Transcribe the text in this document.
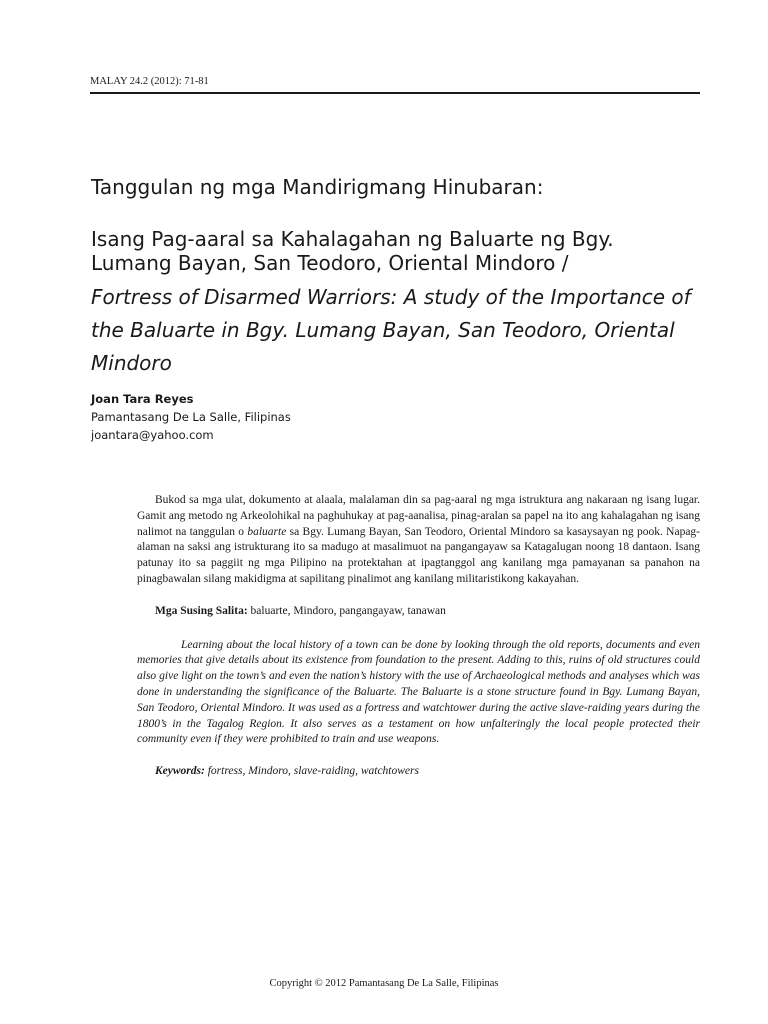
MALAY 24.2 (2012): 71-81
Tanggulan ng mga Mandirigmang Hinubaran:
Isang Pag-aaral sa Kahalagahan ng Baluarte ng Bgy. Lumang Bayan, San Teodoro, Oriental Mindoro /
Fortress of Disarmed Warriors: A study of the Importance of the Baluarte in Bgy. Lumang Bayan, San Teodoro, Oriental Mindoro
Joan Tara Reyes
Pamantasang De La Salle, Filipinas
joantara@yahoo.com

Bukod sa mga ulat, dokumento at alaala, malalaman din sa pag-aaral ng mga istruktura ang nakaraan ng isang lugar. Gamit ang metodo ng Arkeolohikal na paghuhukay at pag-aanalisa, pinag-aralan sa papel na ito ang kahalagahan ng isang nalimot na tanggulan o baluarte sa Bgy. Lumang Bayan, San Teodoro, Oriental Mindoro sa kasaysayan ng pook. Napag-alaman na saksi ang istrukturang ito sa madugo at masalimuot na pangangayaw sa Katagalugan noong 18 dantaon. Isang patunay ito sa paggiit ng mga Pilipino na protektahan at ipagtanggol ang kanilang mga pamayanan sa panahon na pinagbawalan silang makidigma at sapilitang pinalimot ang kanilang militaristikong kakayahan.

Mga Susing Salita: baluarte, Mindoro, pangangayaw, tanawan

Learning about the local history of a town can be done by looking through the old reports, documents and even memories that give details about its existence from foundation to the present. Adding to this, ruins of old structures could also give light on the town’s and even the nation’s history with the use of Archaeological methods and analyses which was done in understanding the significance of the Baluarte. The Baluarte is a stone structure found in Bgy. Lumang Bayan, San Teodoro, Oriental Mindoro. It was used as a fortress and watchtower during the active slave-raiding years during the 1800’s in the Tagalog Region. It also serves as a testament on how unfalteringly the local people protected their community even if they were prohibited to train and use weapons.

Keywords: fortress, Mindoro, slave-raiding, watchtowers

Copyright © 2012 Pamantasang De La Salle, Filipinas
